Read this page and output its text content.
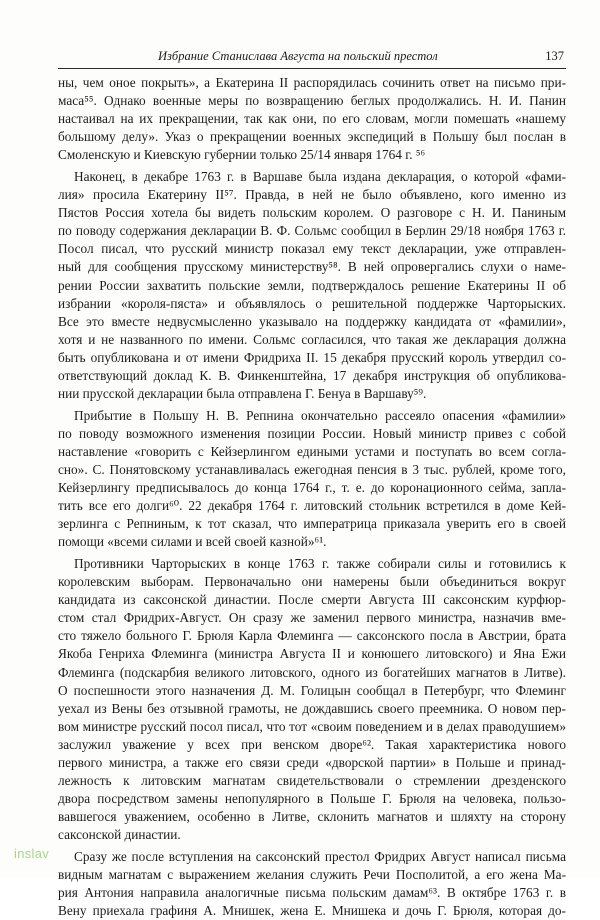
Избрание Станислава Августа на польский престол	137

ны, чем оное покрыть», а Екатерина II распорядилась сочинить ответ на письмо при-
маса⁵⁵. Однако военные меры по возвращению беглых продолжались. Н. И. Панин
настаивал на их прекращении, так как они, по его словам, могли помешать «нашему
большому делу». Указ о прекращении военных экспедиций в Польшу был послан в
Смоленскую и Киевскую губернии только 25/14 января 1764 г. ⁵⁶

Наконец, в декабре 1763 г. в Варшаве была издана декларация, о которой «фами-
лия» просила Екатерину II⁵⁷. Правда, в ней не было объявлено, кого именно из
Пястов Россия хотела бы видеть польским королем. О разговоре с Н. И. Паниным
по поводу содержания декларации В. Ф. Сольмс сообщил в Берлин 29/18 ноября 1763 г.
Посол писал, что русский министр показал ему текст декларации, уже отправлен-
ный для сообщения прусскому министерству⁵⁸. В ней опровергались слухи о наме-
рении России захватить польские земли, подтверждалось решение Екатерины II об
избрании «короля-пяста» и объявлялось о решительной поддержке Чарторыских.
Все это вместе недвусмысленно указывало на поддержку кандидата от «фамилии»,
хотя и не названного по имени. Сольмс согласился, что такая же декларация должна
быть опубликована и от имени Фридриха II. 15 декабря прусский король утвердил со-
ответствующий доклад К. В. Финкенштейна, 17 декабря инструкция об опубликова-
нии прусской декларации была отправлена Г. Бенуа в Варшаву⁵⁹.

Прибытие в Польшу Н. В. Репнина окончательно рассеяло опасения «фамилии»
по поводу возможного изменения позиции России. Новый министр привез с собой
наставление «говорить с Кейзерлингом едиными устами и поступать во всем согла-
сно». С. Понятовскому устанавливалась ежегодная пенсия в 3 тыс. рублей, кроме того,
Кейзерлингу предписывалось до конца 1764 г., т. е. до коронационного сейма, запла-
тить все его долги⁶⁰. 22 декабря 1764 г. литовский стольник встретился в доме Кей-
зерлинга с Репниным, к тот сказал, что императрица приказала уверить его в своей
помощи «всеми силами и всей своей казной»⁶¹.

Противники Чарторыских в конце 1763 г. также собирали силы и готовились к
королевским выборам. Первоначально они намерены были объединиться вокруг
кандидата из саксонской династии. После смерти Августа III саксонским курфюр-
стом стал Фридрих-Август. Он сразу же заменил первого министра, назначив вме-
сто тяжело больного Г. Брюля Карла Флеминга — саксонского посла в Австрии, брата
Якоба Генриха Флеминга (министра Августа II и конюшего литовского) и Яна Ежи
Флеминга (подскарбия великого литовского, одного из богатейших магнатов в Литве).
О поспешности этого назначения Д. М. Голицын сообщал в Петербург, что Флеминг
уехал из Вены без отзывной грамоты, не дождавшись своего преемника. О новом пер-
вом министре русский посол писал, что тот «своим поведением и в делах праводушием»
заслужил уважение у всех при венском дворе⁶². Такая характеристика нового
первого министра, а также его связи среди «дворской партии» в Польше и принад-
лежность к литовским магнатам свидетельствовали о стремлении дрезденского
двора посредством замены непопулярного в Польше Г. Брюля на человека, пользо-
вавшегося уважением, особенно в Литве, склонить магнатов и шляхту на сторону
саксонской династии.

Сразу же после вступления на саксонский престол Фридрих Август написал письма
видным магнатам с выражением желания служить Речи Посполитой, а его жена Ма-
рия Антония направила аналогичные письма польским дамам⁶³. В октябре 1763 г. в
Вену приехала графиня А. Мнишек, жена Е. Мнишека и дочь Г. Брюля, которая до-

inslav
